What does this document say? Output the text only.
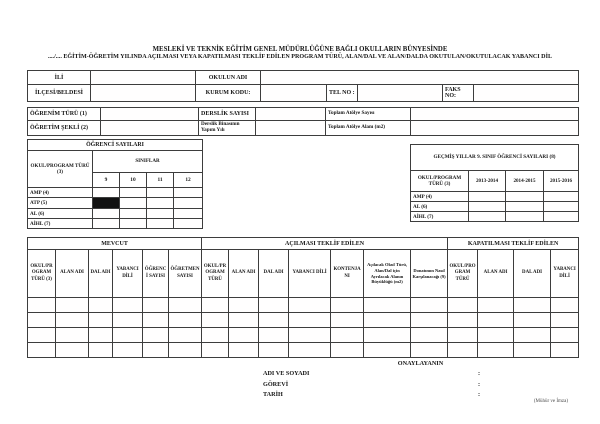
MESLEKİ VE TEKNİK EĞİTİM GENEL MÜDÜRLÜĞÜNE BAĞLI OKULLARIN BÜNYESİNDE
..../.... EĞİTİM-ÖĞRETİM YILINDA AÇILMASI VEYA KAPATILMASI TEKLİF EDİLEN PROGRAM TÜRÜ, ALAN/DAL VE ALAN/DALDA OKUTULAN/OKUTULACAK YABANCI DİL
İLİ		OKULUN ADI					
İLÇESİ/BELDESİ		KURUM KODU:		TEL NO :		FAKS NO:	
ÖĞRENİM TÜRÜ (1)		DERSLİK SAYISI		Toplam Atölye Sayısı	
ÖĞRETİM ŞEKLİ (2)		Derslik Binasının Yapım Yılı		Toplam Atölye Alanı (m2)	
ÖĞRENCİ SAYILARI				
OKUL/PROGRAM TÜRÜ (3)	SINIFLAR			
	9	10	11	12
AMP (4)				
ATP (5)				
AL (6)				
AİHL (7)				
GEÇMİŞ YILLAR 9. SINIF ÖĞRENCİ SAYILARI (8)			
OKUL/PROGRAM TÜRÜ (3)	2013-2014	2014-2015	2015-2016
AMP (4)			
AL (6)			
AİHL (7)			
MEVCUT						AÇILMASI TEKLİF EDİLEN							KAPATILMASI TEKLİF EDİLEN			
OKUL/PROGRAM TÜRÜ (3)	ALAN ADI	DAL ADI	YABANCI DİLİ	ÖĞRENCİ SAYISI	ÖĞRETMEN SAYISI	OKUL/PROGRAM TÜRÜ	ALAN ADI	DAL ADI	YABANCI DİLİ	KONTENJANI	Açılacak Okul Türü, Alan/Dal için Ayrılacak Alanın Büyüklüğü (m2)	Donatımın Nasıl Karşılanacağı (9)	OKUL/PROGRAM TÜRÜ	ALAN ADI	DAL ADI	YABANCI DİLİ

ONAYLAYANIN
ADI VE SOYADI	:
GÖREVİ	:
TARİH	:
(Mühür ve İmza)
